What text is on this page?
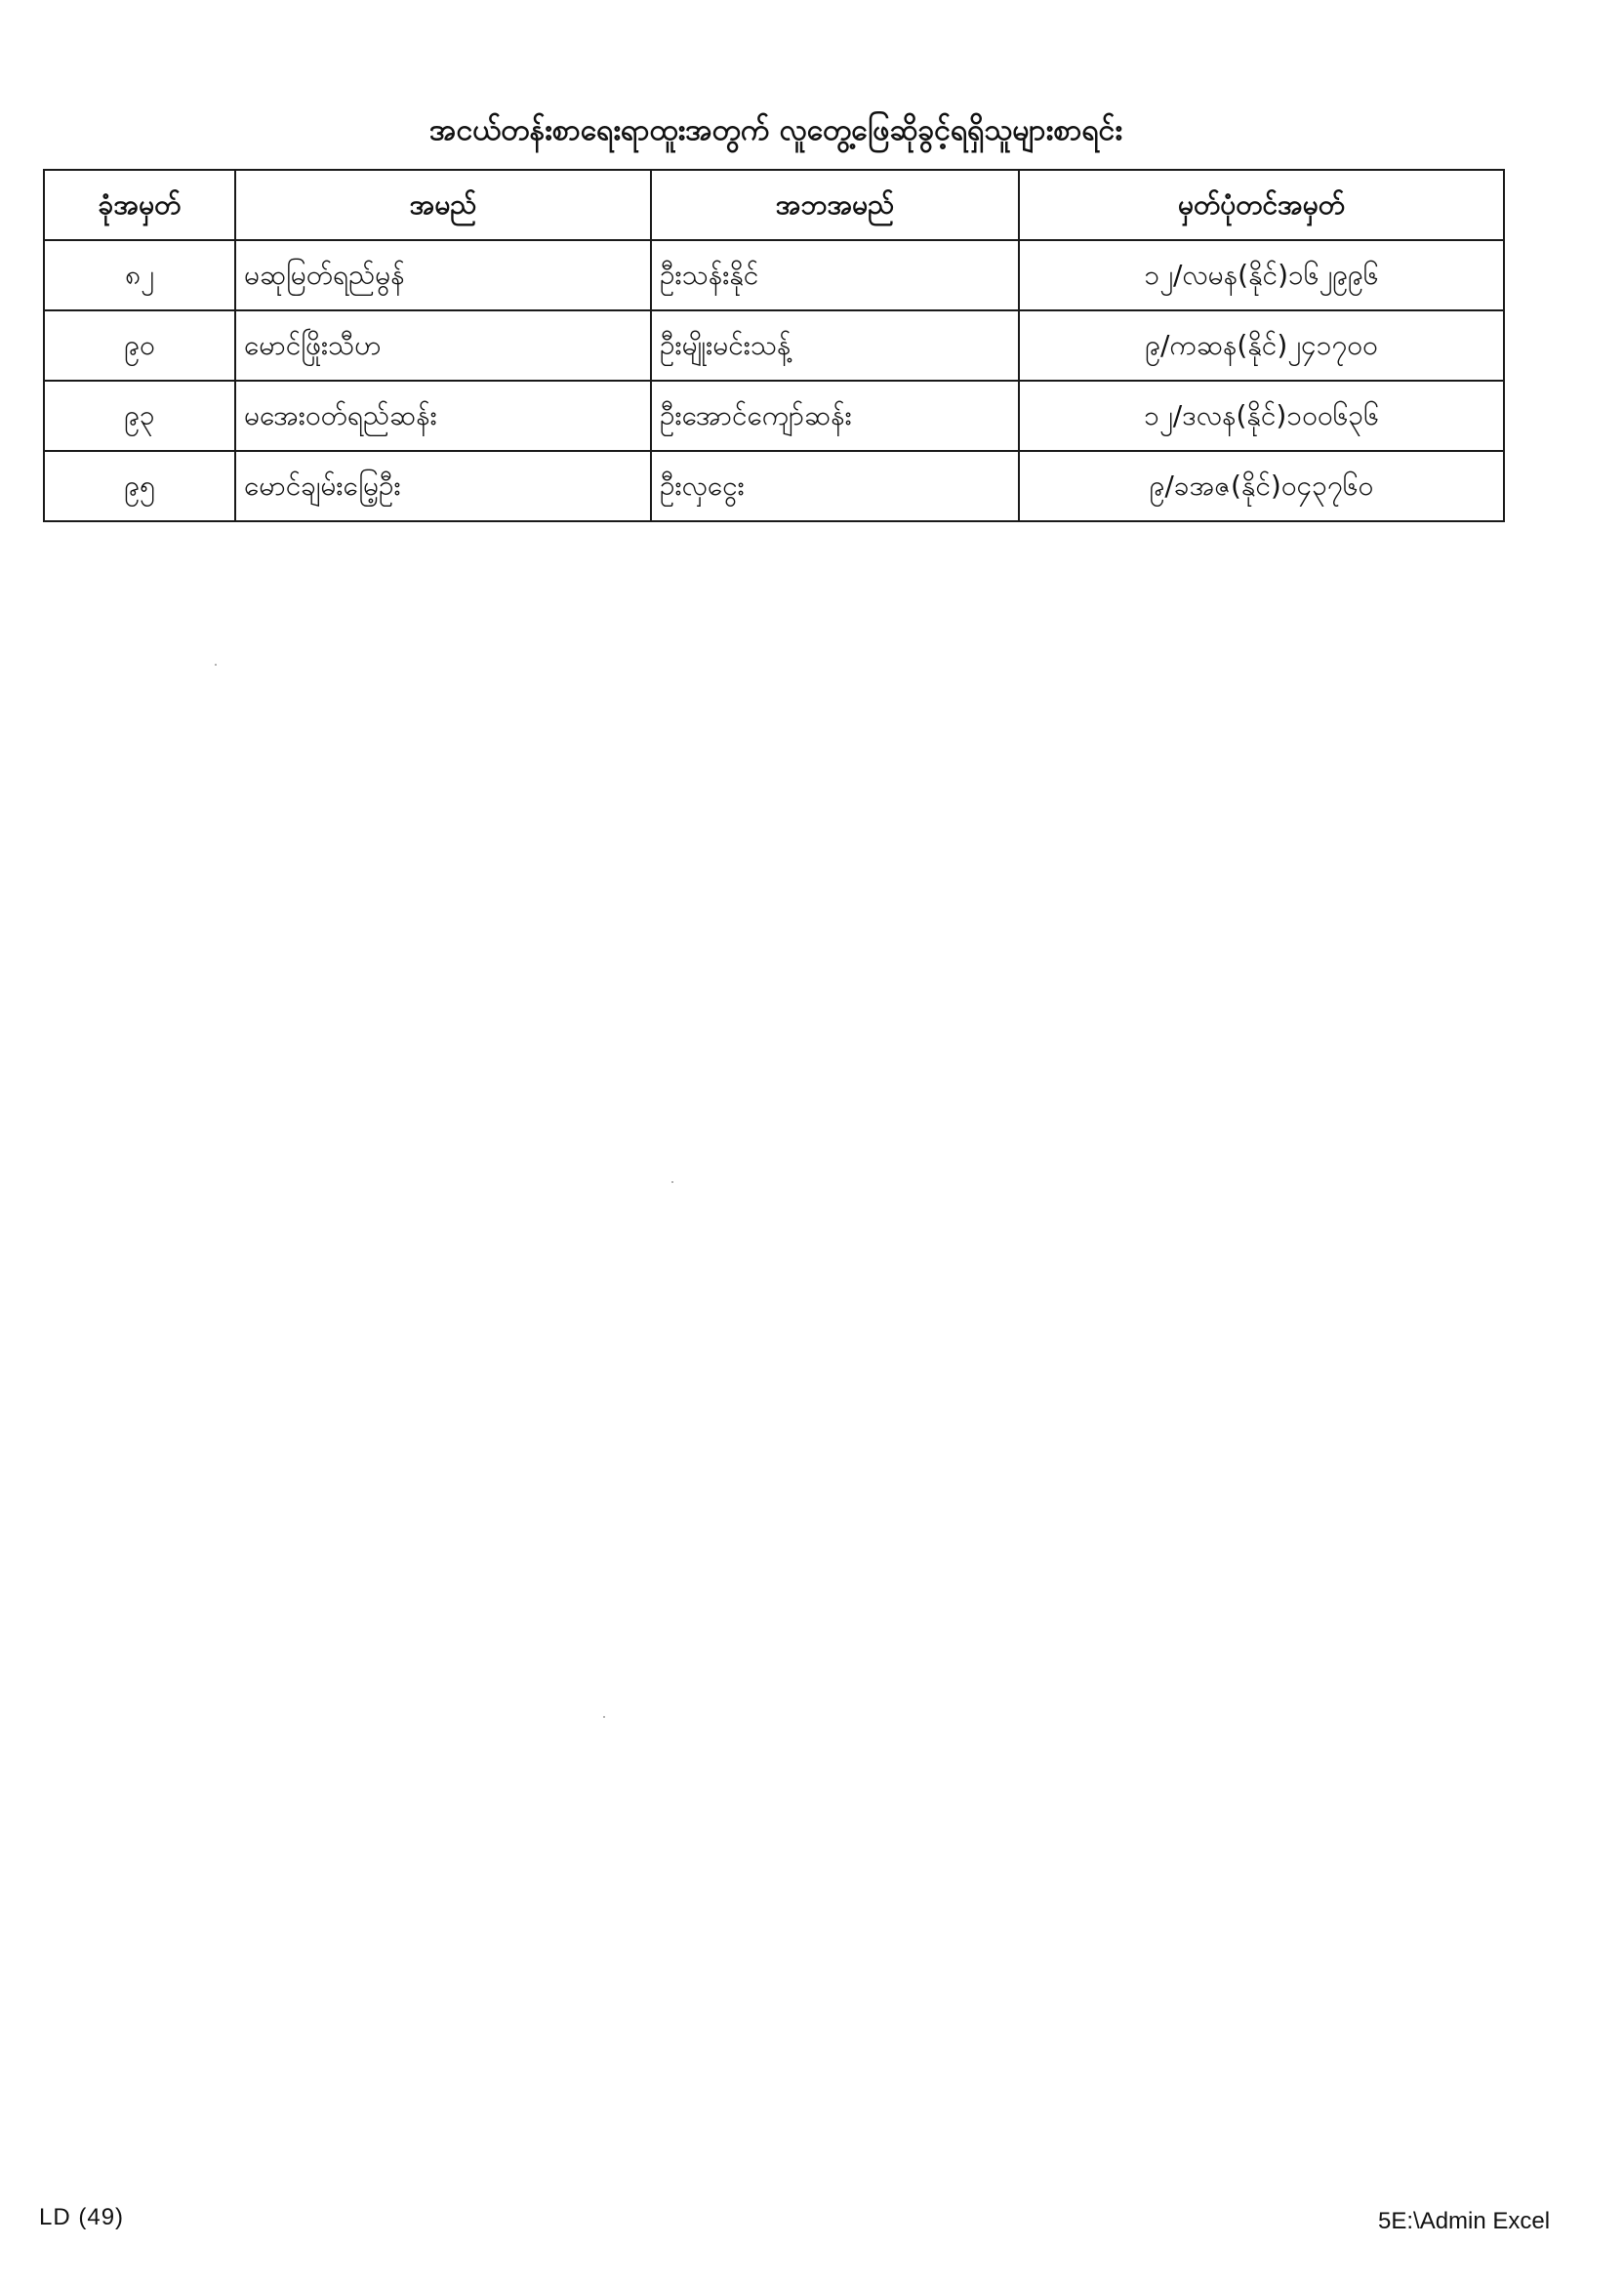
အငယ်တန်းစာရေးရာထူးအတွက် လူတွေ့ဖြေဆိုခွင့်ရရှိသူများစာရင်း
ခုံအမှတ်	အမည်	အဘအမည်	မှတ်ပုံတင်အမှတ်
၈၂	မဆုမြတ်ရည်မွန်	ဦးသန်းနိုင်	၁၂/လမန(နိုင်)၁၆၂၉၉၆
၉၀	မောင်ဖြိုးသီဟ	ဦးမျိုးမင်းသန့်	၉/ကဆန(နိုင်)၂၄၁၇၀၀
၉၃	မအေးဝတ်ရည်ဆန်း	ဦးအောင်ကျော်ဆန်း	၁၂/ဒလန(နိုင်)၁၀၀၆၃၆
၉၅	မောင်ချမ်းမြေ့ဦး	ဦးလှငွေး	၉/ခအဇ(နိုင်)၀၄၃၇၆၀
LD (49)	5E:\Admin Excel
